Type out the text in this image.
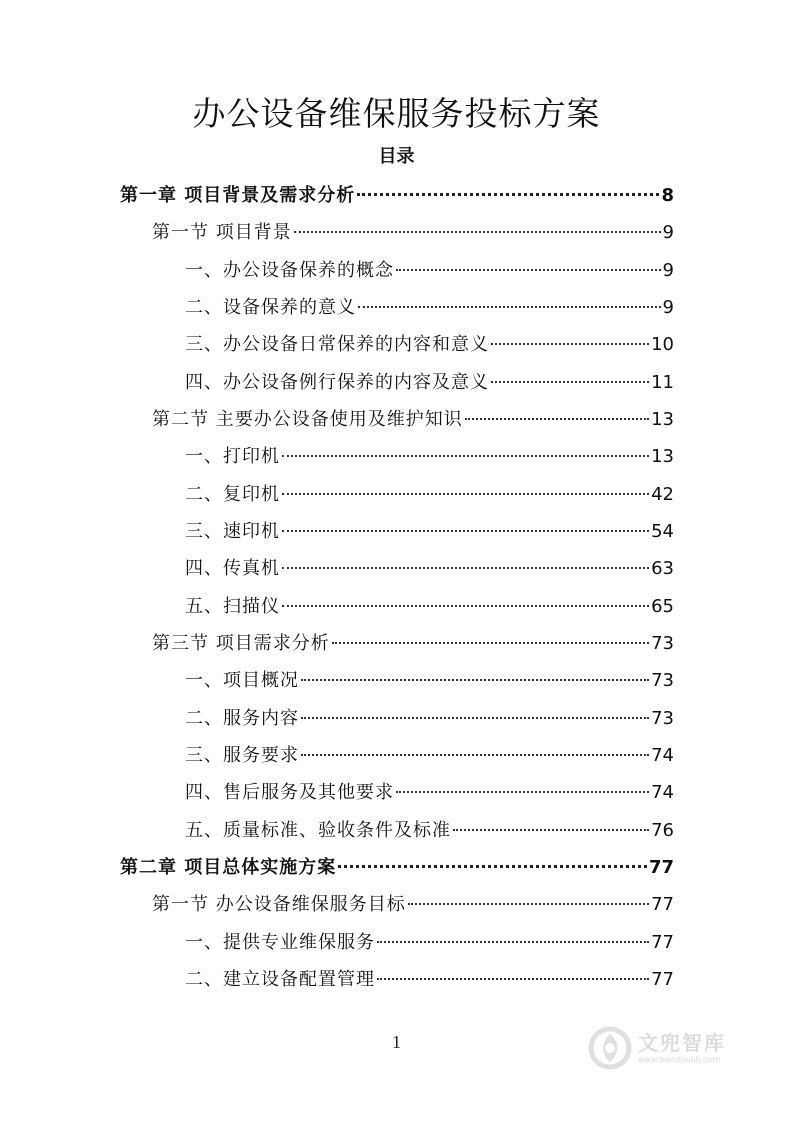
办公设备维保服务投标方案
目录
第一章 项目背景及需求分析	8
第一节 项目背景	9
一、办公设备保养的概念	9
二、设备保养的意义	9
三、办公设备日常保养的内容和意义	10
四、办公设备例行保养的内容及意义	11
第二节 主要办公设备使用及维护知识	13
一、打印机	13
二、复印机	42
三、速印机	54
四、传真机	63
五、扫描仪	65
第三节 项目需求分析	73
一、项目概况	73
二、服务内容	73
三、服务要求	74
四、售后服务及其他要求	74
五、质量标准、验收条件及标准	76
第二章 项目总体实施方案	77
第一节 办公设备维保服务目标	77
一、提供专业维保服务	77
二、建立设备配置管理	77
1	文兜智库
www.wendoulib.com
